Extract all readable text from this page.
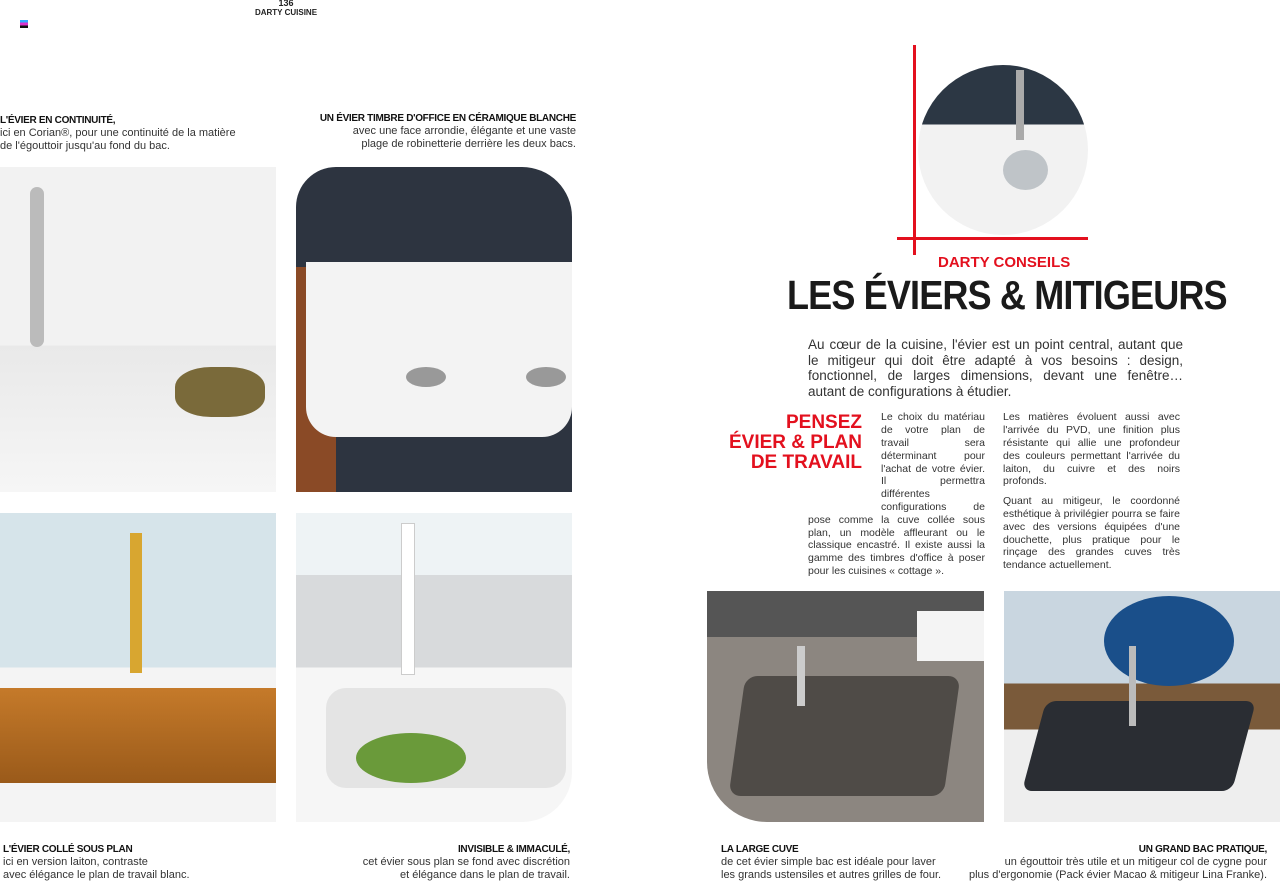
136
DARTY CUISINE
L'ÉVIER EN CONTINUITÉ,
ici en Corian®, pour une continuité de la matière
de l'égouttoir jusqu'au fond du bac.
UN ÉVIER TIMBRE D'OFFICE EN CÉRAMIQUE BLANCHE
avec une face arrondie, élégante et une vaste
plage de robinetterie derrière les deux bacs.
L'ÉVIER COLLÉ SOUS PLAN
ici en version laiton, contraste
avec élégance le plan de travail blanc.
INVISIBLE & IMMACULÉ,
cet évier sous plan se fond avec discrétion
et élégance dans le plan de travail.
DARTY CONSEILS
LES ÉVIERS & MITIGEURS
Au cœur de la cuisine, l'évier est un point central, autant que le mitigeur qui doit être adapté à vos besoins : design, fonctionnel, de larges dimensions, devant une fenêtre… autant de configurations à étudier.
PENSEZ
ÉVIER & PLAN
DE TRAVAIL
Le choix du matériau de votre plan de travail sera déterminant pour l'achat de votre évier. Il permettra différentes configurations de pose comme la cuve collée sous plan, un modèle affleurant ou le classique encastré. Il existe aussi la gamme des timbres d'office à poser pour les cuisines « cottage ».

Les matières évoluent aussi avec l'arrivée du PVD, une finition plus résistante qui allie une profondeur des couleurs permettant l'arrivée du laiton, du cuivre et des noirs profonds.

Quant au mitigeur, le coordonné esthétique à privilégier pourra se faire avec des versions équipées d'une douchette, plus pratique pour le rinçage des grandes cuves très tendance actuellement.

LA LARGE CUVE
de cet évier simple bac est idéale pour laver
les grands ustensiles et autres grilles de four.
UN GRAND BAC PRATIQUE,
un égouttoir très utile et un mitigeur col de cygne pour
plus d'ergonomie (Pack évier Macao & mitigeur Lina Franke).
